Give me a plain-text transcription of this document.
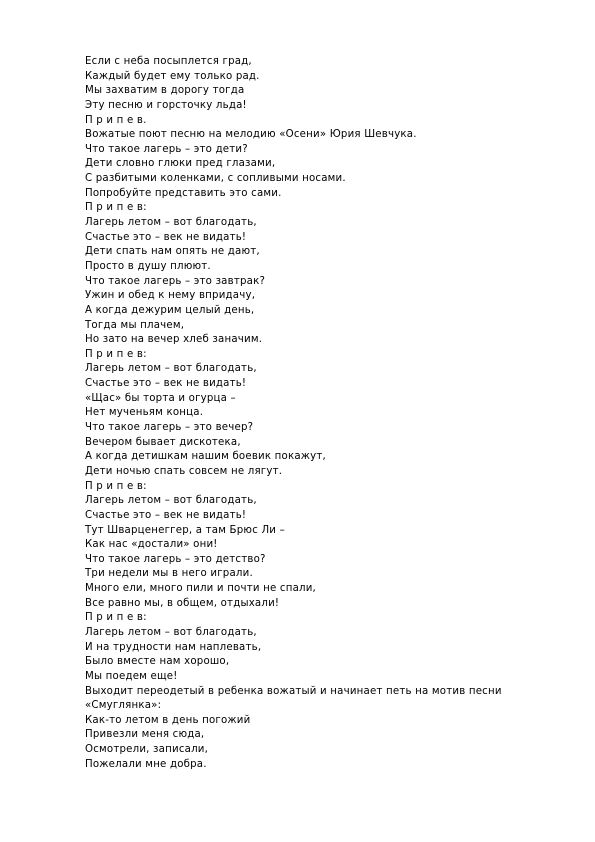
Если с неба посыплется град,
Каждый будет ему только рад.
Мы захватим в дорогу тогда
Эту песню и горсточку льда!
П р и п е в.
Вожатые поют песню на мелодию «Осени» Юрия Шевчука.
Что такое лагерь – это дети?
Дети словно глюки пред глазами,
С разбитыми коленками, с сопливыми носами.
Попробуйте представить это сами.
П р и п е в:
Лагерь летом – вот благодать,
Счастье это – век не видать!
Дети спать нам опять не дают,
Просто в душу плюют.
Что такое лагерь – это завтрак?
Ужин и обед к нему впридачу,
А когда дежурим целый день,
Тогда мы плачем,
Но зато на вечер хлеб заначим.
П р и п е в:
Лагерь летом – вот благодать,
Счастье это – век не видать!
«Щас» бы торта и огурца –
Нет мученьям конца.
Что такое лагерь – это вечер?
Вечером бывает дискотека,
А когда детишкам нашим боевик покажут,
Дети ночью спать совсем не лягут.
П р и п е в:
Лагерь летом – вот благодать,
Счастье это – век не видать!
Тут Шварценеггер, а там Брюс Ли –
Как нас «достали» они!
Что такое лагерь – это детство?
Три недели мы в него играли.
Много ели, много пили и почти не спали,
Все равно мы, в общем, отдыхали!
П р и п е в:
Лагерь летом – вот благодать,
И на трудности нам наплевать,
Было вместе нам хорошо,
Мы поедем еще!
Выходит переодетый в ребенка вожатый и начинает петь на мотив песни
«Смуглянка»:
Как-то летом в день погожий
Привезли меня сюда,
Осмотрели, записали,
Пожелали мне добра.
